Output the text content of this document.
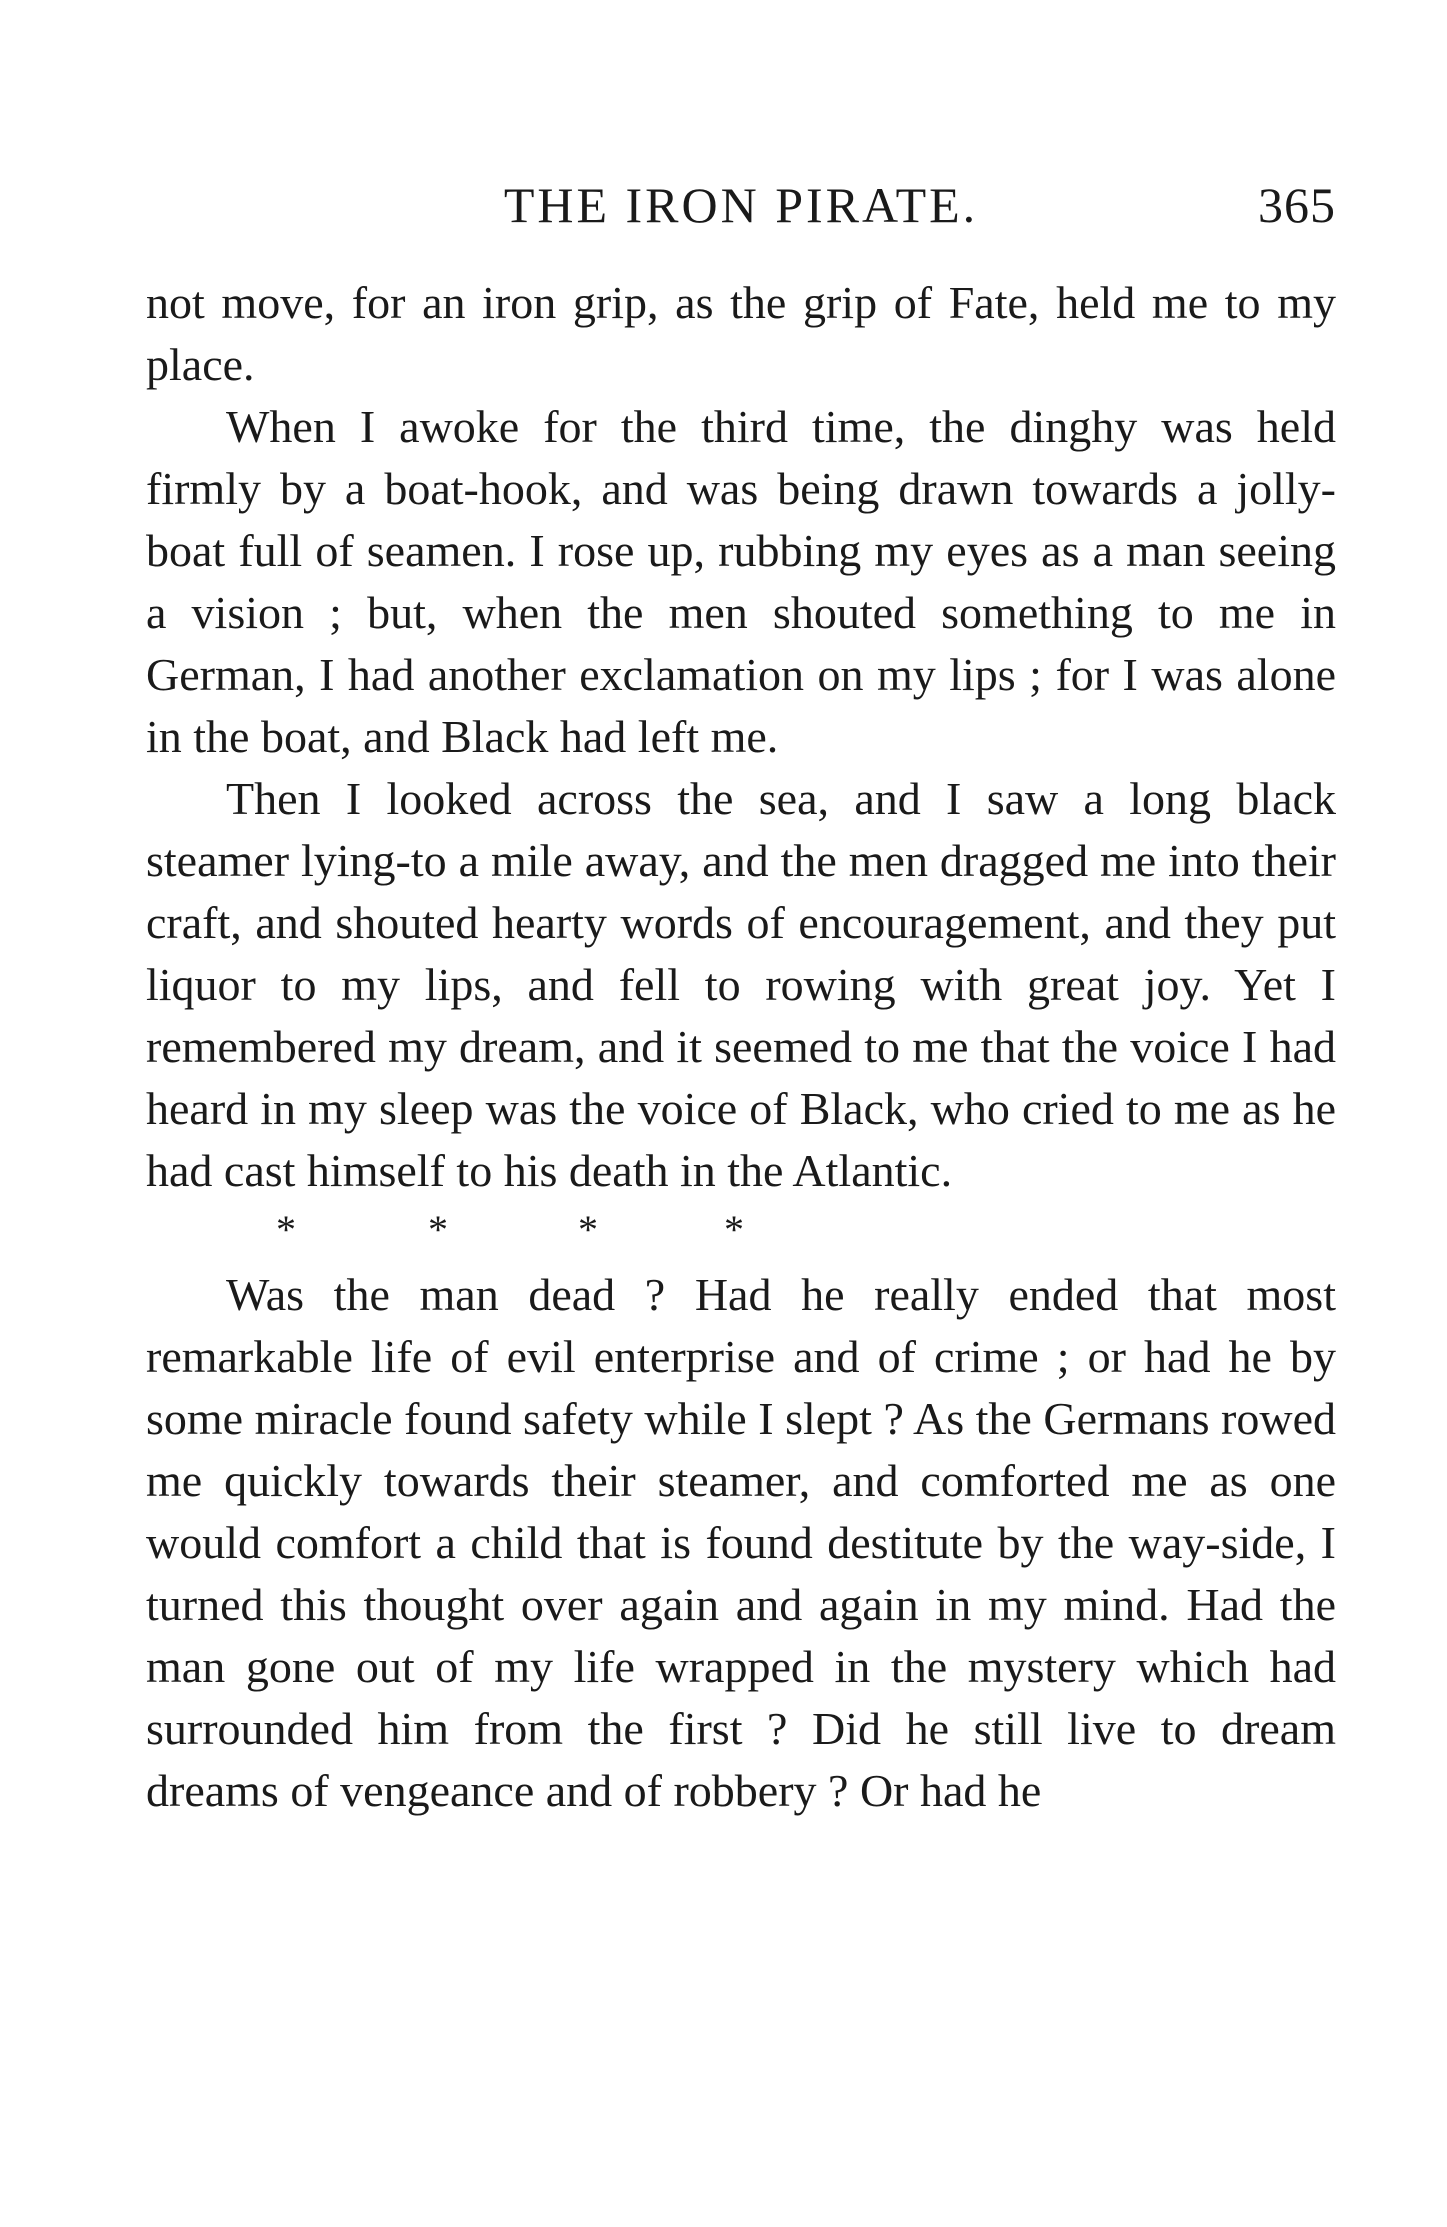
THE IRON PIRATE.	365

not move, for an iron grip, as the grip of Fate, held me to my place.

When I awoke for the third time, the dinghy was held firmly by a boat-hook, and was being drawn towards a jolly-boat full of seamen. I rose up, rubbing my eyes as a man seeing a vision ; but, when the men shouted something to me in German, I had another exclamation on my lips ; for I was alone in the boat, and Black had left me.

Then I looked across the sea, and I saw a long black steamer lying-to a mile away, and the men dragged me into their craft, and shouted hearty words of encouragement, and they put liquor to my lips, and fell to rowing with great joy. Yet I remembered my dream, and it seemed to me that the voice I had heard in my sleep was the voice of Black, who cried to me as he had cast himself to his death in the Atlantic.

*	*	*	*

Was the man dead ? Had he really ended that most remarkable life of evil enterprise and of crime ; or had he by some miracle found safety while I slept ? As the Germans rowed me quickly towards their steamer, and comforted me as one would comfort a child that is found destitute by the way-side, I turned this thought over again and again in my mind. Had the man gone out of my life wrapped in the mystery which had surrounded him from the first ? Did he still live to dream dreams of vengeance and of robbery ? Or had he
